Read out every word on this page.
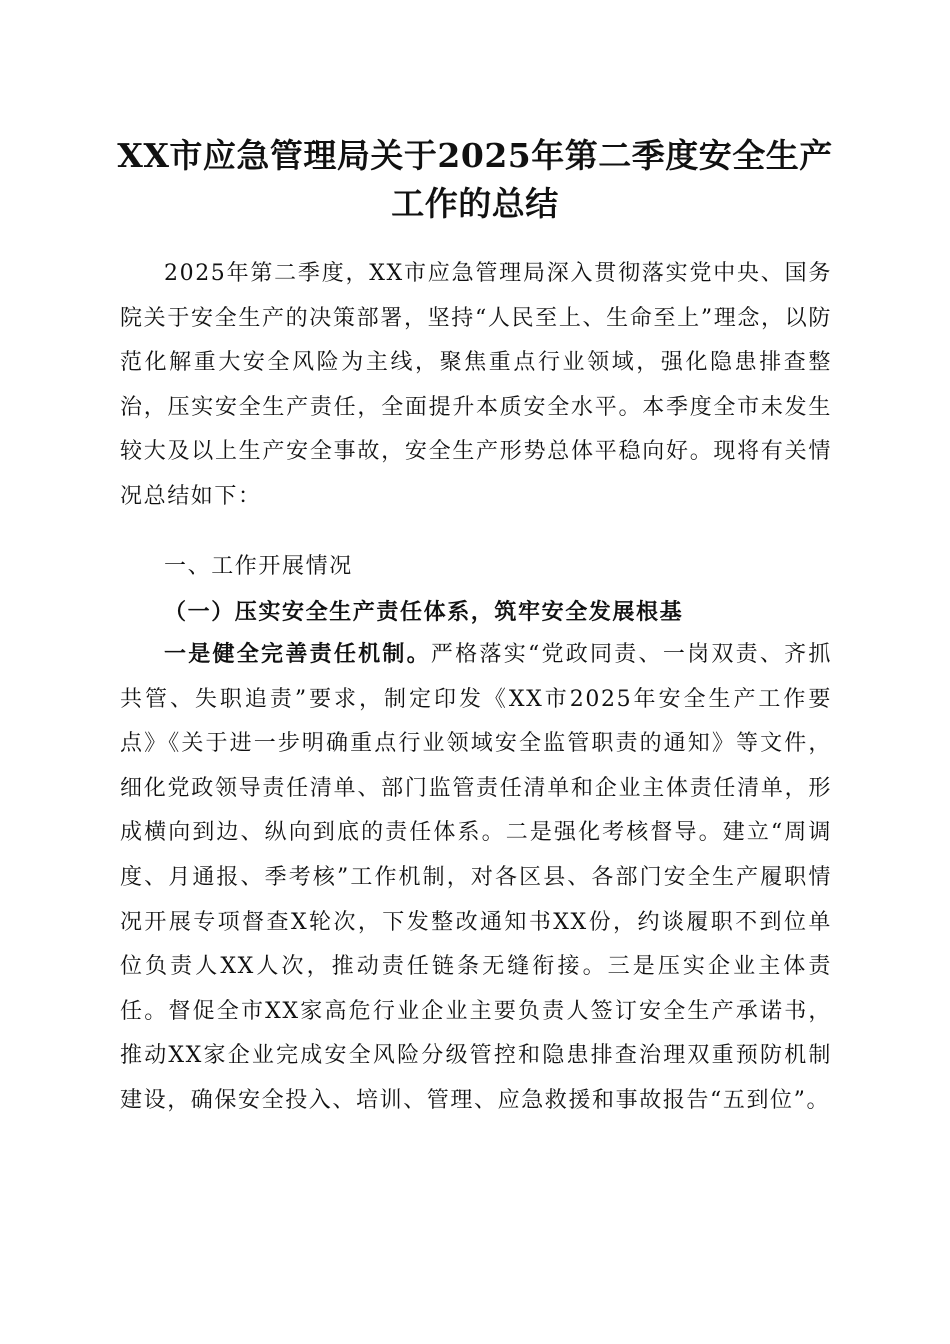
XX市应急管理局关于2025年第二季度安全生产工作的总结

2025年第二季度，XX市应急管理局深入贯彻落实党中央、国务院关于安全生产的决策部署，坚持“人民至上、生命至上”理念，以防范化解重大安全风险为主线，聚焦重点行业领域，强化隐患排查整治，压实安全生产责任，全面提升本质安全水平。本季度全市未发生较大及以上生产安全事故，安全生产形势总体平稳向好。现将有关情况总结如下：

一、工作开展情况

（一）压实安全生产责任体系，筑牢安全发展根基

一是健全完善责任机制。严格落实“党政同责、一岗双责、齐抓共管、失职追责”要求，制定印发《XX市2025年安全生产工作要点》《关于进一步明确重点行业领域安全监管职责的通知》等文件，细化党政领导责任清单、部门监管责任清单和企业主体责任清单，形成横向到边、纵向到底的责任体系。二是强化考核督导。建立“周调度、月通报、季考核”工作机制，对各区县、各部门安全生产履职情况开展专项督查X轮次，下发整改通知书XX份，约谈履职不到位单位负责人XX人次，推动责任链条无缝衔接。三是压实企业主体责任。督促全市XX家高危行业企业主要负责人签订安全生产承诺书，推动XX家企业完成安全风险分级管控和隐患排查治理双重预防机制建设，确保安全投入、培训、管理、应急救援和事故报告“五到位”。
